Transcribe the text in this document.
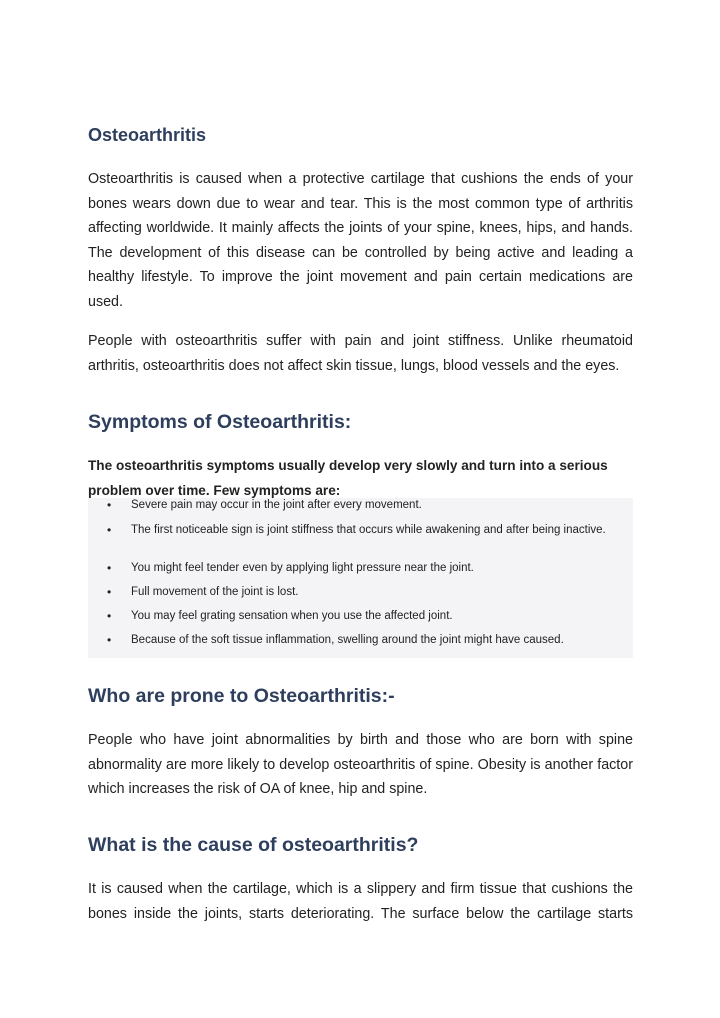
Osteoarthritis

Osteoarthritis is caused when a protective cartilage that cushions the ends of your bones wears down due to wear and tear. This is the most common type of arthritis affecting worldwide. It mainly affects the joints of your spine, knees, hips, and hands. The development of this disease can be controlled by being active and leading a healthy lifestyle. To improve the joint movement and pain certain medications are used.

People with osteoarthritis suffer with pain and joint stiffness. Unlike rheumatoid arthritis, osteoarthritis does not affect skin tissue, lungs, blood vessels and the eyes.

Symptoms of Osteoarthritis:

The osteoarthritis symptoms usually develop very slowly and turn into a serious problem over time. Few symptoms are:

• Severe pain may occur in the joint after every movement.
• The first noticeable sign is joint stiffness that occurs while awakening and after being inactive.
• You might feel tender even by applying light pressure near the joint.
• Full movement of the joint is lost.
• You may feel grating sensation when you use the affected joint.
• Because of the soft tissue inflammation, swelling around the joint might have caused.
Who are prone to Osteoarthritis:-

People who have joint abnormalities by birth and those who are born with spine abnormality are more likely to develop osteoarthritis of spine. Obesity is another factor which increases the risk of OA of knee, hip and spine.

What is the cause of osteoarthritis?

It is caused when the cartilage, which is a slippery and firm tissue that cushions the bones inside the joints, starts deteriorating. The surface below the cartilage starts
